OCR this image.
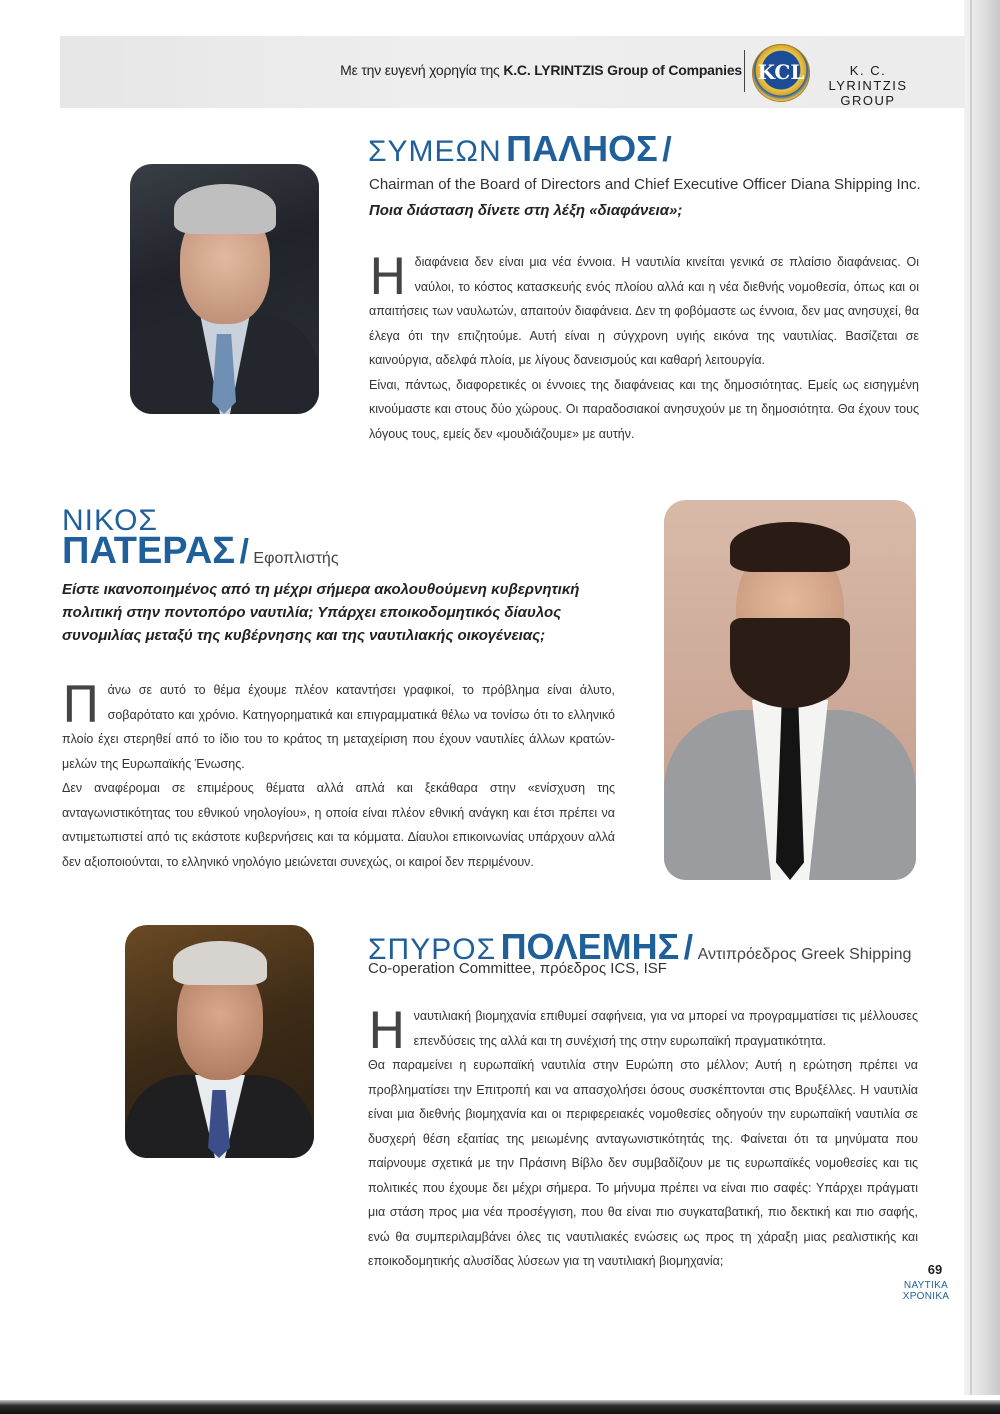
Με την ευγενή χορηγία της K.C. LYRINTZIS Group of Companies KCL	K. C. LYRINTZIS
GROUP
ΣΥΜΕΩΝ ΠΑΛΗΟΣ /
Chairman of the Board of Directors and Chief Executive Officer Diana Shipping Inc.
Ποια διάσταση δίνετε στη λέξη «διαφάνεια»;
Η διαφάνεια δεν είναι μια νέα έννοια. Η ναυτιλία κινείται γενικά σε πλαίσιο διαφάνειας. Οι ναύλοι, το κόστος κατασκευής ενός πλοίου αλλά και η νέα διεθνής νομοθεσία, όπως και οι απαιτήσεις των ναυλωτών, απαιτούν διαφάνεια. Δεν τη φοβόμαστε ως έννοια, δεν μας ανησυχεί, θα έλεγα ότι την επιζητούμε. Αυτή είναι η σύγχρονη υγιής εικόνα της ναυτιλίας. Βασίζεται σε καινούργια, αδελφά πλοία, με λίγους δανεισμούς και καθαρή λειτουργία.

Είναι, πάντως, διαφορετικές οι έννοιες της διαφάνειας και της δημοσιότητας. Εμείς ως εισηγμένη κινούμαστε και στους δύο χώρους. Οι παραδοσιακοί ανησυχούν με τη δημοσιότητα. Θα έχουν τους λόγους τους, εμείς δεν «μουδιάζουμε» με αυτήν.

ΝΙΚΟΣ
ΠΑΤΕΡΑΣ / Εφοπλιστής
Είστε ικανοποιημένος από τη μέχρι σήμερα ακολουθούμενη κυβερνητική πολιτική στην ποντοπόρο ναυτιλία; Υπάρχει εποικοδομητικός δίαυλος συνομιλίας μεταξύ της κυβέρνησης και της ναυτιλιακής οικογένειας;
Π άνω σε αυτό το θέμα έχουμε πλέον καταντήσει γραφικοί, το πρόβλημα είναι άλυτο, σοβαρότατο και χρόνιο. Κατηγορηματικά και επιγραμματικά θέλω να τονίσω ότι το ελληνικό πλοίο έχει στερηθεί από το ίδιο του το κράτος τη μεταχείριση που έχουν ναυτιλίες άλλων κρατών-μελών της Ευρωπαϊκής Ένωσης.

Δεν αναφέρομαι σε επιμέρους θέματα αλλά απλά και ξεκάθαρα στην «ενίσχυση της ανταγωνιστικότητας του εθνικού νηολογίου», η οποία είναι πλέον εθνική ανάγκη και έτσι πρέπει να αντιμετωπιστεί από τις εκάστοτε κυβερνήσεις και τα κόμματα. Δίαυλοι επικοινωνίας υπάρχουν αλλά δεν αξιοποιούνται, το ελληνικό νηολόγιο μειώνεται συνεχώς, οι καιροί δεν περιμένουν.

ΣΠΥΡΟΣ ΠΟΛΕΜΗΣ / Αντιπρόεδρος Greek Shipping
Co-operation Committee, πρόεδρος ICS, ISF
Η ναυτιλιακή βιομηχανία επιθυμεί σαφήνεια, για να μπορεί να προγραμματίσει τις μέλλουσες επενδύσεις της αλλά και τη συνέχισή της στην ευρωπαϊκή πραγματικότητα.

Θα παραμείνει η ευρωπαϊκή ναυτιλία στην Ευρώπη στο μέλλον; Αυτή η ερώτηση πρέπει να προβληματίσει την Επιτροπή και να απασχολήσει όσους συσκέπτονται στις Βρυξέλλες. Η ναυτιλία είναι μια διεθνής βιομηχανία και οι περιφερειακές νομοθεσίες οδηγούν την ευρωπαϊκή ναυτιλία σε δυσχερή θέση εξαιτίας της μειωμένης ανταγωνιστικότητάς της. Φαίνεται ότι τα μηνύματα που παίρνουμε σχετικά με την Πράσινη Βίβλο δεν συμβαδίζουν με τις ευρωπαϊκές νομοθεσίες και τις πολιτικές που έχουμε δει μέχρι σήμερα. Το μήνυμα πρέπει να είναι πιο σαφές: Υπάρχει πράγματι μια στάση προς μια νέα προσέγγιση, που θα είναι πιο συγκαταβατική, πιο δεκτική και πιο σαφής, ενώ θα συμπεριλαμβάνει όλες τις ναυτιλιακές ενώσεις ως προς τη χάραξη μιας ρεαλιστικής και εποικοδομητικής αλυσίδας λύσεων για τη ναυτιλιακή βιομηχανία;

69
ΝΑΥΤΙΚΑ
ΧΡΟΝΙΚΑ
